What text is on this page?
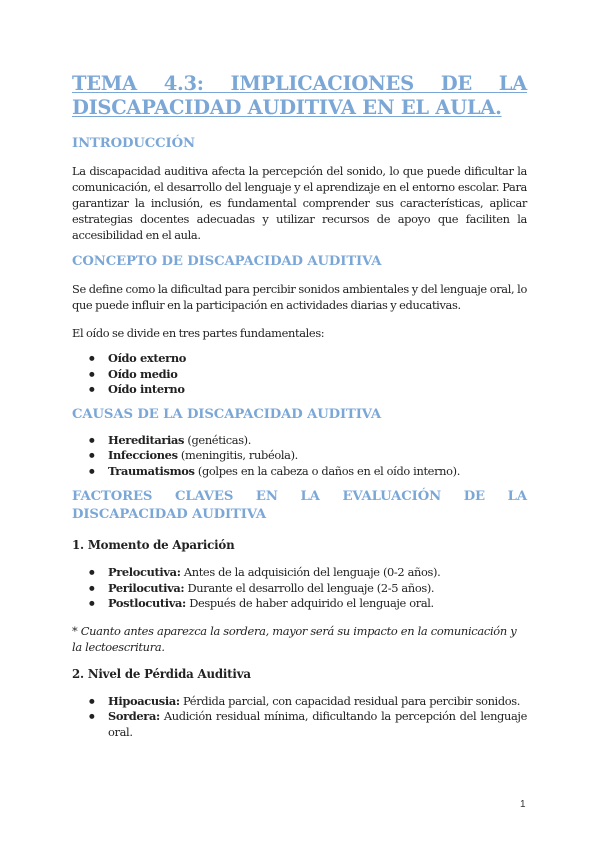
TEMA 4.3: IMPLICACIONES DE LA DISCAPACIDAD AUDITIVA EN EL AULA.
INTRODUCCIÓN

La discapacidad auditiva afecta la percepción del sonido, lo que puede dificultar la comunicación, el desarrollo del lenguaje y el aprendizaje en el entorno escolar. Para garantizar la inclusión, es fundamental comprender sus características, aplicar estrategias docentes adecuadas y utilizar recursos de apoyo que faciliten la accesibilidad en el aula.

CONCEPTO DE DISCAPACIDAD AUDITIVA

Se define como la dificultad para percibir sonidos ambientales y del lenguaje oral, lo que puede influir en la participación en actividades diarias y educativas.

El oído se divide en tres partes fundamentales:

● Oído externo
● Oído medio
● Oído interno
CAUSAS DE LA DISCAPACIDAD AUDITIVA
● Hereditarias (genéticas).
● Infecciones (meningitis, rubéola).
● Traumatismos (golpes en la cabeza o daños en el oído interno).
FACTORES CLAVES EN LA EVALUACIÓN DE LA DISCAPACIDAD AUDITIVA
1. Momento de Aparición
● Prelocutiva: Antes de la adquisición del lenguaje (0-2 años).
● Perilocutiva: Durante el desarrollo del lenguaje (2-5 años).
● Postlocutiva: Después de haber adquirido el lenguaje oral.

* Cuanto antes aparezca la sordera, mayor será su impacto en la comunicación y la lectoescritura.

2. Nivel de Pérdida Auditiva
● Hipoacusia: Pérdida parcial, con capacidad residual para percibir sonidos.
● Sordera: Audición residual mínima, dificultando la percepción del lenguaje oral.
1
